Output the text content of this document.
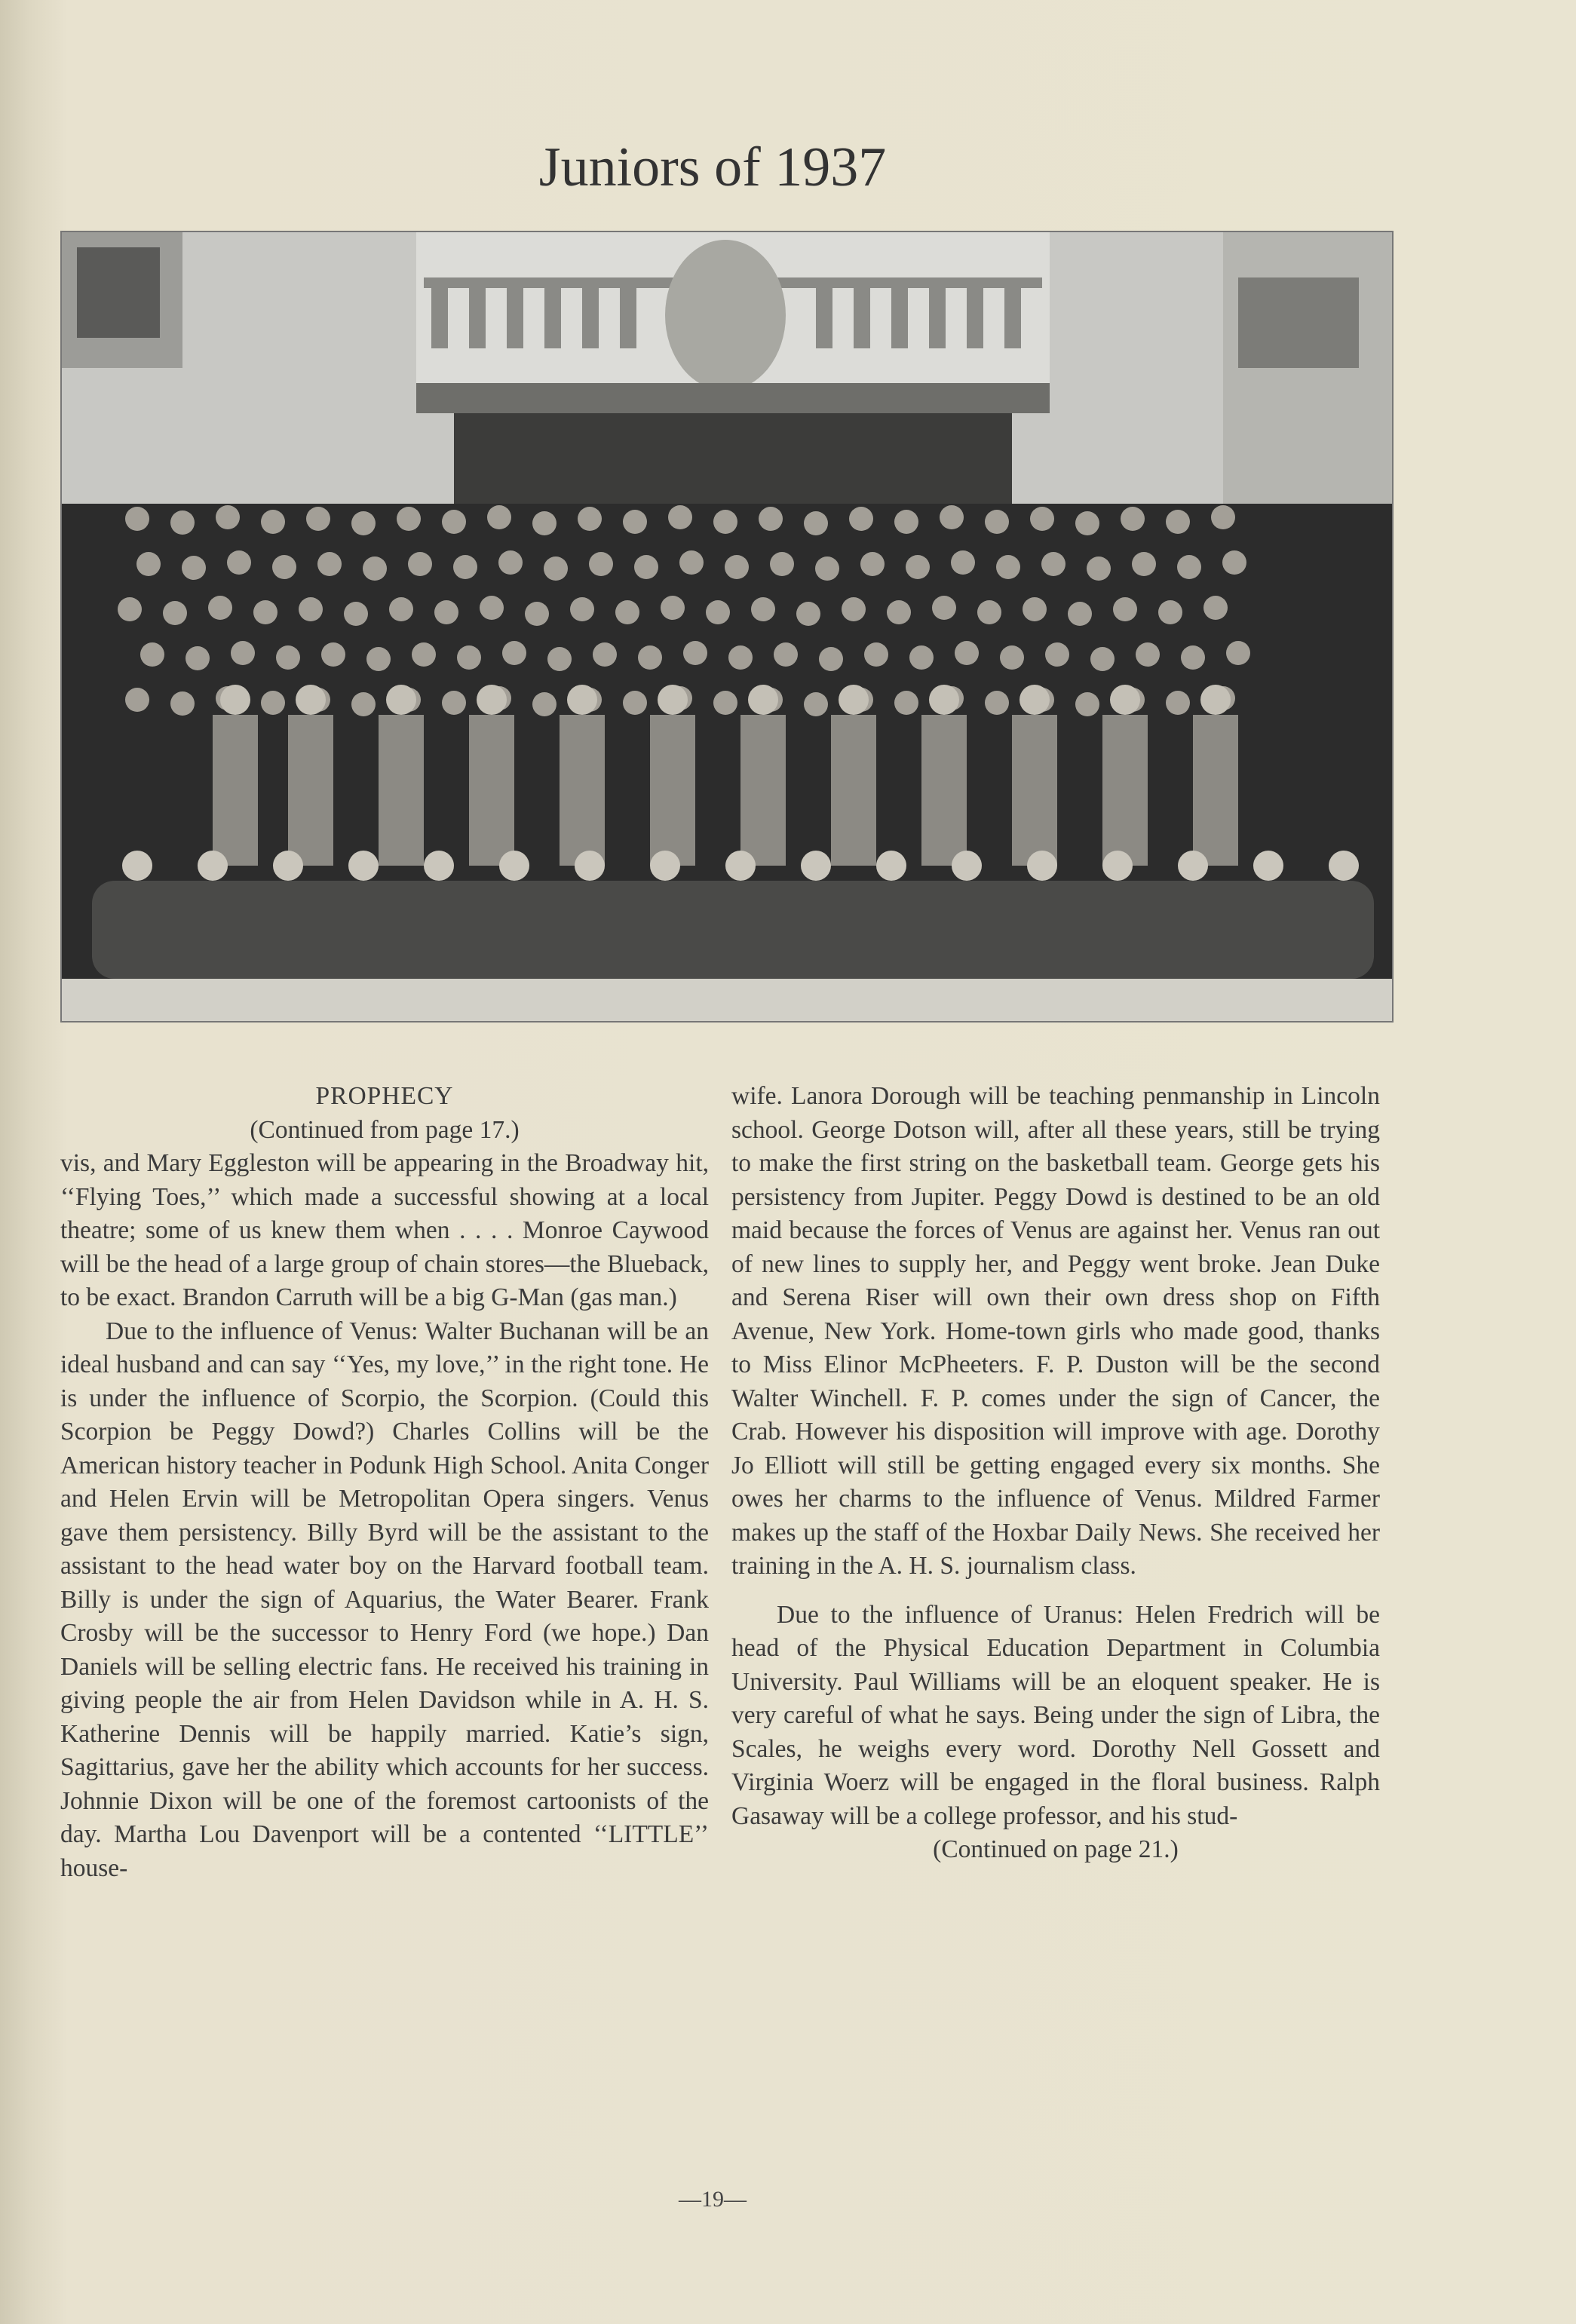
Juniors of 1937

PROPHECY

(Continued from page 17.)

vis, and Mary Eggleston will be appearing in the Broadway hit, ‘‘Flying Toes,’’ which made a successful showing at a local theatre; some of us knew them when . . . . Monroe Caywood will be the head of a large group of chain stores—the Blueback, to be exact. Brandon Carruth will be a big G-Man (gas man.)

Due to the influence of Venus: Walter Buchanan will be an ideal husband and can say ‘‘Yes, my love,’’ in the right tone. He is under the influence of Scorpio, the Scorpion. (Could this Scorpion be Peggy Dowd?) Charles Collins will be the American history teacher in Podunk High School. Anita Conger and Helen Ervin will be Metropolitan Opera singers. Venus gave them persistency. Billy Byrd will be the assistant to the assistant to the head water boy on the Harvard football team. Billy is under the sign of Aquarius, the Water Bearer. Frank Crosby will be the successor to Henry Ford (we hope.) Dan Daniels will be selling electric fans. He received his training in giving people the air from Helen Davidson while in A. H. S. Katherine Dennis will be happily married. Katie’s sign, Sagittarius, gave her the ability which accounts for her success. Johnnie Dixon will be one of the foremost cartoonists of the day. Martha Lou Davenport will be a contented ‘‘LITTLE’’ house-

wife. Lanora Dorough will be teaching penmanship in Lincoln school. George Dotson will, after all these years, still be trying to make the first string on the basketball team. George gets his persistency from Jupiter. Peggy Dowd is destined to be an old maid because the forces of Venus are against her. Venus ran out of new lines to supply her, and Peggy went broke. Jean Duke and Serena Riser will own their own dress shop on Fifth Avenue, New York. Home-town girls who made good, thanks to Miss Elinor McPheeters. F. P. Duston will be the second Walter Winchell. F. P. comes under the sign of Cancer, the Crab. However his disposition will improve with age. Dorothy Jo Elliott will still be getting engaged every six months. She owes her charms to the influence of Venus. Mildred Farmer makes up the staff of the Hoxbar Daily News. She received her training in the A. H. S. journalism class.

Due to the influence of Uranus: Helen Fredrich will be head of the Physical Education Department in Columbia University. Paul Williams will be an eloquent speaker. He is very careful of what he says. Being under the sign of Libra, the Scales, he weighs every word. Dorothy Nell Gossett and Virginia Woerz will be engaged in the floral business. Ralph Gasaway will be a college professor, and his stud-

(Continued on page 21.)

—19—
